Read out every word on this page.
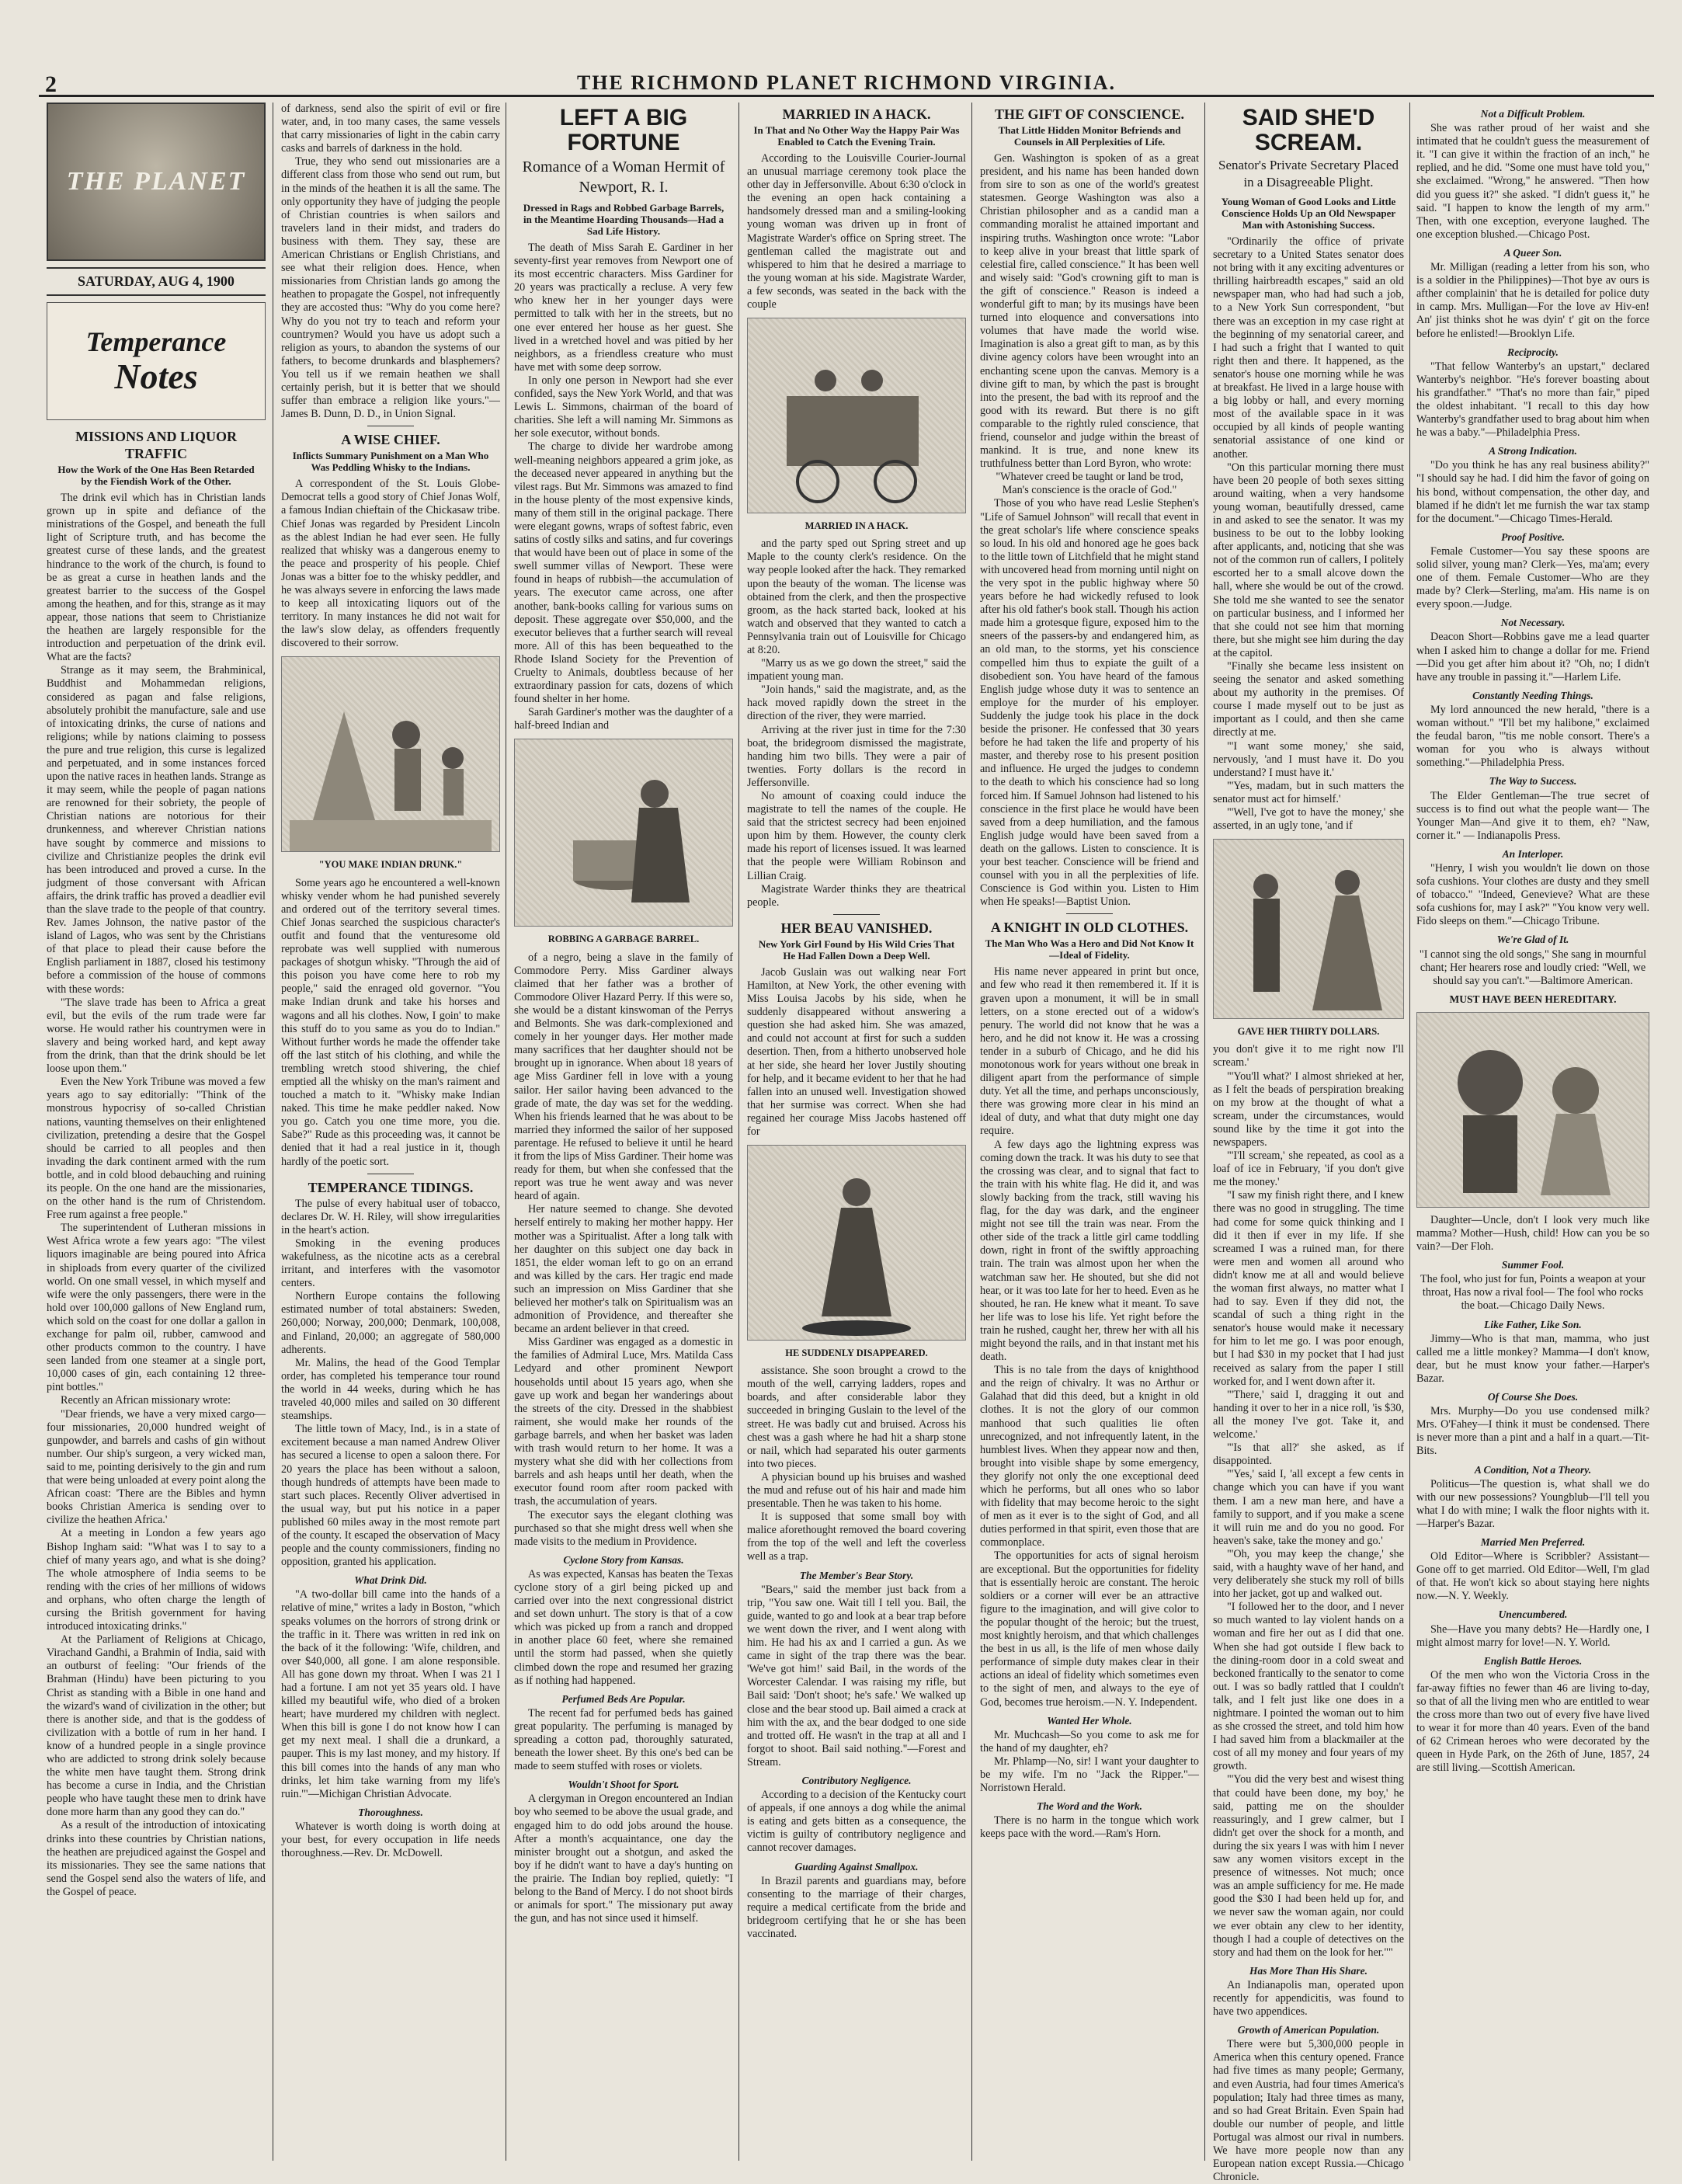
2	THE RICHMOND PLANET RICHMOND VIRGINIA.
THE PLANET
SATURDAY, AUG 4, 1900
Temperance
Notes
MISSIONS AND LIQUOR TRAFFIC
How the Work of the One Has Been Retarded by the Fiendish Work of the Other.

The drink evil which has in Christian lands grown up in spite and defiance of the ministrations of the Gospel, and beneath the full light of Scripture truth, and has become the greatest curse of these lands, and the greatest hindrance to the work of the church, is found to be as great a curse in heathen lands and the greatest barrier to the success of the Gospel among the heathen, and for this, strange as it may appear, those nations that seem to Christianize the heathen are largely responsible for the introduction and perpetuation of the drink evil. What are the facts?

Strange as it may seem, the Brahminical, Buddhist and Mohammedan religions, considered as pagan and false religions, absolutely prohibit the manufacture, sale and use of intoxicating drinks, the curse of nations and religions; while by nations claiming to possess the pure and true religion, this curse is legalized and perpetuated, and in some instances forced upon the native races in heathen lands. Strange as it may seem, while the people of pagan nations are renowned for their sobriety, the people of Christian nations are notorious for their drunkenness, and wherever Christian nations have sought by commerce and missions to civilize and Christianize peoples the drink evil has been introduced and proved a curse. In the judgment of those conversant with African affairs, the drink traffic has proved a deadlier evil than the slave trade to the people of that country. Rev. James Johnson, the native pastor of the island of Lagos, who was sent by the Christians of that place to plead their cause before the English parliament in 1887, closed his testimony before a commission of the house of commons with these words:

"The slave trade has been to Africa a great evil, but the evils of the rum trade were far worse. He would rather his countrymen were in slavery and being worked hard, and kept away from the drink, than that the drink should be let loose upon them."

Even the New York Tribune was moved a few years ago to say editorially: "Think of the monstrous hypocrisy of so-called Christian nations, vaunting themselves on their enlightened civilization, pretending a desire that the Gospel should be carried to all peoples and then invading the dark continent armed with the rum bottle, and in cold blood debauching and ruining its people. On the one hand are the missionaries, on the other hand is the rum of Christendom. Free rum against a free people."

The superintendent of Lutheran missions in West Africa wrote a few years ago: "The vilest liquors imaginable are being poured into Africa in shiploads from every quarter of the civilized world. On one small vessel, in which myself and wife were the only passengers, there were in the hold over 100,000 gallons of New England rum, which sold on the coast for one dollar a gallon in exchange for palm oil, rubber, camwood and other products common to the country. I have seen landed from one steamer at a single port, 10,000 cases of gin, each containing 12 three-pint bottles."

Recently an African missionary wrote:

"Dear friends, we have a very mixed cargo—four missionaries, 20,000 hundred weight of gunpowder, and barrels and cashs of gin without number. Our ship's surgeon, a very wicked man, said to me, pointing derisively to the gin and rum that were being unloaded at every point along the African coast: 'There are the Bibles and hymn books Christian America is sending over to civilize the heathen Africa.'

At a meeting in London a few years ago Bishop Ingham said: "What was I to say to a chief of many years ago, and what is she doing? The whole atmosphere of India seems to be rending with the cries of her millions of widows and orphans, who often charge the length of cursing the British government for having introduced intoxicating drinks."

At the Parliament of Religions at Chicago, Virachand Gandhi, a Brahmin of India, said with an outburst of feeling: "Our friends of the Brahman (Hindu) have been picturing to you Christ as standing with a Bible in one hand and the wizard's wand of civilization in the other; but there is another side, and that is the goddess of civilization with a bottle of rum in her hand. I know of a hundred people in a single province who are addicted to strong drink solely because the white men have taught them. Strong drink has become a curse in India, and the Christian people who have taught these men to drink have done more harm than any good they can do."

As a result of the introduction of intoxicating drinks into these countries by Christian nations, the heathen are prejudiced against the Gospel and its missionaries. They see the same nations that send the Gospel send also the waters of life, and the Gospel of peace.

of darkness, send also the spirit of evil or fire water, and, in too many cases, the same vessels that carry missionaries of light in the cabin carry casks and barrels of darkness in the hold.

True, they who send out missionaries are a different class from those who send out rum, but in the minds of the heathen it is all the same. The only opportunity they have of judging the people of Christian countries is when sailors and travelers land in their midst, and traders do business with them. They say, these are American Christians or English Christians, and see what their religion does. Hence, when missionaries from Christian lands go among the heathen to propagate the Gospel, not infrequently they are accosted thus: "Why do you come here? Why do you not try to teach and reform your countrymen? Would you have us adopt such a religion as yours, to abandon the systems of our fathers, to become drunkards and blasphemers? You tell us if we remain heathen we shall certainly perish, but it is better that we should suffer than embrace a religion like yours."—James B. Dunn, D. D., in Union Signal.

A WISE CHIEF.
Inflicts Summary Punishment on a Man Who Was Peddling Whisky to the Indians.

A correspondent of the St. Louis Globe-Democrat tells a good story of Chief Jonas Wolf, a famous Indian chieftain of the Chickasaw tribe. Chief Jonas was regarded by President Lincoln as the ablest Indian he had ever seen. He fully realized that whisky was a dangerous enemy to the peace and prosperity of his people. Chief Jonas was a bitter foe to the whisky peddler, and he was always severe in enforcing the laws made to keep all intoxicating liquors out of the territory. In many instances he did not wait for the law's slow delay, as offenders frequently discovered to their sorrow.

"YOU MAKE INDIAN DRUNK."

Some years ago he encountered a well-known whisky vender whom he had punished severely and ordered out of the territory several times. Chief Jonas searched the suspicious character's outfit and found that the venturesome old reprobate was well supplied with numerous packages of shotgun whisky. "Through the aid of this poison you have come here to rob my people," said the enraged old governor. "You make Indian drunk and take his horses and wagons and all his clothes. Now, I goin' to make this stuff do to you same as you do to Indian." Without further words he made the offender take off the last stitch of his clothing, and while the trembling wretch stood shivering, the chief emptied all the whisky on the man's raiment and touched a match to it. "Whisky make Indian naked. This time he make peddler naked. Now you go. Catch you one time more, you die. Sabe?" Rude as this proceeding was, it cannot be denied that it had a real justice in it, though hardly of the poetic sort.

TEMPERANCE TIDINGS.

The pulse of every habitual user of tobacco, declares Dr. W. H. Riley, will show irregularities in the heart's action.

Smoking in the evening produces wakefulness, as the nicotine acts as a cerebral irritant, and interferes with the vasomotor centers.

Northern Europe contains the following estimated number of total abstainers: Sweden, 260,000; Norway, 200,000; Denmark, 100,008, and Finland, 20,000; an aggregate of 580,000 adherents.

Mr. Malins, the head of the Good Templar order, has completed his temperance tour round the world in 44 weeks, during which he has traveled 40,000 miles and sailed on 30 different steamships.

The little town of Macy, Ind., is in a state of excitement because a man named Andrew Oliver has secured a license to open a saloon there. For 20 years the place has been without a saloon, though hundreds of attempts have been made to start such places. Recently Oliver advertised in the usual way, but put his notice in a paper published 60 miles away in the most remote part of the county. It escaped the observation of Macy people and the county commissioners, finding no opposition, granted his application.

What Drink Did.

"A two-dollar bill came into the hands of a relative of mine," writes a lady in Boston, "which speaks volumes on the horrors of strong drink or the traffic in it. There was written in red ink on the back of it the following: 'Wife, children, and over $40,000, all gone. I am alone responsible. All has gone down my throat. When I was 21 I had a fortune. I am not yet 35 years old. I have killed my beautiful wife, who died of a broken heart; have murdered my children with neglect. When this bill is gone I do not know how I can get my next meal. I shall die a drunkard, a pauper. This is my last money, and my history. If this bill comes into the hands of any man who drinks, let him take warning from my life's ruin.'"—Michigan Christian Advocate.

Thoroughness.

Whatever is worth doing is worth doing at your best, for every occupation in life needs thoroughness.—Rev. Dr. McDowell.

LEFT A BIG FORTUNE
Romance of a Woman Hermit of Newport, R. I.
Dressed in Rags and Robbed Garbage Barrels, in the Meantime Hoarding Thousands—Had a Sad Life History.

The death of Miss Sarah E. Gardiner in her seventy-first year removes from Newport one of its most eccentric characters. Miss Gardiner for 20 years was practically a recluse. A very few who knew her in her younger days were permitted to talk with her in the streets, but no one ever entered her house as her guest. She lived in a wretched hovel and was pitied by her neighbors, as a friendless creature who must have met with some deep sorrow.

In only one person in Newport had she ever confided, says the New York World, and that was Lewis L. Simmons, chairman of the board of charities. She left a will naming Mr. Simmons as her sole executor, without bonds.

The charge to divide her wardrobe among well-meaning neighbors appeared a grim joke, as the deceased never appeared in anything but the vilest rags. But Mr. Simmons was amazed to find in the house plenty of the most expensive kinds, many of them still in the original package. There were elegant gowns, wraps of softest fabric, even satins of costly silks and satins, and fur coverings that would have been out of place in some of the swell summer villas of Newport. These were found in heaps of rubbish—the accumulation of years. The executor came across, one after another, bank-books calling for various sums on deposit. These aggregate over $50,000, and the executor believes that a further search will reveal more. All of this has been bequeathed to the Rhode Island Society for the Prevention of Cruelty to Animals, doubtless because of her extraordinary passion for cats, dozens of which found shelter in her home.

Sarah Gardiner's mother was the daughter of a half-breed Indian and

ROBBING A GARBAGE BARREL.

of a negro, being a slave in the family of Commodore Perry. Miss Gardiner always claimed that her father was a brother of Commodore Oliver Hazard Perry. If this were so, she would be a distant kinswoman of the Perrys and Belmonts. She was dark-complexioned and comely in her younger days. Her mother made many sacrifices that her daughter should not be brought up in ignorance. When about 18 years of age Miss Gardiner fell in love with a young sailor. Her sailor having been advanced to the grade of mate, the day was set for the wedding. When his friends learned that he was about to be married they informed the sailor of her supposed parentage. He refused to believe it until he heard it from the lips of Miss Gardiner. Their home was ready for them, but when she confessed that the report was true he went away and was never heard of again.

Her nature seemed to change. She devoted herself entirely to making her mother happy. Her mother was a Spiritualist. After a long talk with her daughter on this subject one day back in 1851, the elder woman left to go on an errand and was killed by the cars. Her tragic end made such an impression on Miss Gardiner that she believed her mother's talk on Spiritualism was an admonition of Providence, and thereafter she became an ardent believer in that creed.

Miss Gardiner was engaged as a domestic in the families of Admiral Luce, Mrs. Matilda Cass Ledyard and other prominent Newport households until about 15 years ago, when she gave up work and began her wanderings about the streets of the city. Dressed in the shabbiest raiment, she would make her rounds of the garbage barrels, and when her basket was laden with trash would return to her home. It was a mystery what she did with her collections from barrels and ash heaps until her death, when the executor found room after room packed with trash, the accumulation of years.

The executor says the elegant clothing was purchased so that she might dress well when she made visits to the medium in Providence.

Cyclone Story from Kansas.

As was expected, Kansas has beaten the Texas cyclone story of a girl being picked up and carried over into the next congressional district and set down unhurt. The story is that of a cow which was picked up from a ranch and dropped in another place 60 feet, where she remained until the storm had passed, when she quietly climbed down the rope and resumed her grazing as if nothing had happened.

Perfumed Beds Are Popular.

The recent fad for perfumed beds has gained great popularity. The perfuming is managed by spreading a cotton pad, thoroughly saturated, beneath the lower sheet. By this one's bed can be made to seem stuffed with roses or violets.

Wouldn't Shoot for Sport.

A clergyman in Oregon encountered an Indian boy who seemed to be above the usual grade, and engaged him to do odd jobs around the house. After a month's acquaintance, one day the minister brought out a shotgun, and asked the boy if he didn't want to have a day's hunting on the prairie. The Indian boy replied, quietly: "I belong to the Band of Mercy. I do not shoot birds or animals for sport." The missionary put away the gun, and has not since used it himself.

MARRIED IN A HACK.
In That and No Other Way the Happy Pair Was Enabled to Catch the Evening Train.

According to the Louisville Courier-Journal an unusual marriage ceremony took place the other day in Jeffersonville. About 6:30 o'clock in the evening an open hack containing a handsomely dressed man and a smiling-looking young woman was driven up in front of Magistrate Warder's office on Spring street. The gentleman called the magistrate out and whispered to him that he desired a marriage to the young woman at his side. Magistrate Warder, a few seconds, was seated in the back with the couple

MARRIED IN A HACK.

and the party sped out Spring street and up Maple to the county clerk's residence. On the way people looked after the hack. They remarked upon the beauty of the woman. The license was obtained from the clerk, and then the prospective groom, as the hack started back, looked at his watch and observed that they wanted to catch a Pennsylvania train out of Louisville for Chicago at 8:20.

"Marry us as we go down the street," said the impatient young man.

"Join hands," said the magistrate, and, as the hack moved rapidly down the street in the direction of the river, they were married.

Arriving at the river just in time for the 7:30 boat, the bridegroom dismissed the magistrate, handing him two bills. They were a pair of twenties. Forty dollars is the record in Jeffersonville.

No amount of coaxing could induce the magistrate to tell the names of the couple. He said that the strictest secrecy had been enjoined upon him by them. However, the county clerk made his report of licenses issued. It was learned that the people were William Robinson and Lillian Craig.

Magistrate Warder thinks they are theatrical people.

HER BEAU VANISHED.
New York Girl Found by His Wild Cries That He Had Fallen Down a Deep Well.

Jacob Guslain was out walking near Fort Hamilton, at New York, the other evening with Miss Louisa Jacobs by his side, when he suddenly disappeared without answering a question she had asked him. She was amazed, and could not account at first for such a sudden desertion. Then, from a hitherto unobserved hole at her side, she heard her lover Justily shouting for help, and it became evident to her that he had fallen into an unused well. Investigation showed that her surmise was correct. When she had regained her courage Miss Jacobs hastened off for

HE SUDDENLY DISAPPEARED.

assistance. She soon brought a crowd to the mouth of the well, carrying ladders, ropes and boards, and after considerable labor they succeeded in bringing Guslain to the level of the street. He was badly cut and bruised. Across his chest was a gash where he had hit a sharp stone or nail, which had separated his outer garments into two pieces.

A physician bound up his bruises and washed the mud and refuse out of his hair and made him presentable. Then he was taken to his home.

It is supposed that some small boy with malice aforethought removed the board covering from the top of the well and left the coverless well as a trap.

The Member's Bear Story.

"Bears," said the member just back from a trip, "You saw one. Wait till I tell you. Bail, the guide, wanted to go and look at a bear trap before we went down the river, and I went along with him. He had his ax and I carried a gun. As we came in sight of the trap there was the bear. 'We've got him!' said Bail, in the words of the Worcester Calendar. I was raising my rifle, but Bail said: 'Don't shoot; he's safe.' We walked up close and the bear stood up. Bail aimed a crack at him with the ax, and the bear dodged to one side and trotted off. He wasn't in the trap at all and I forgot to shoot. Bail said nothing."—Forest and Stream.

Contributory Negligence.

According to a decision of the Kentucky court of appeals, if one annoys a dog while the animal is eating and gets bitten as a consequence, the victim is guilty of contributory negligence and cannot recover damages.

Guarding Against Smallpox.

In Brazil parents and guardians may, before consenting to the marriage of their charges, require a medical certificate from the bride and bridegroom certifying that he or she has been vaccinated.

THE GIFT OF CONSCIENCE.
That Little Hidden Monitor Befriends and Counsels in All Perplexities of Life.

Gen. Washington is spoken of as a great president, and his name has been handed down from sire to son as one of the world's greatest statesmen. George Washington was also a Christian philosopher and as a candid man a commanding moralist he attained important and inspiring truths. Washington once wrote: "Labor to keep alive in your breast that little spark of celestial fire, called conscience." It has been well and wisely said: "God's crowning gift to man is the gift of conscience." Reason is indeed a wonderful gift to man; by its musings have been turned into eloquence and conversations into volumes that have made the world wise. Imagination is also a great gift to man, as by this divine agency colors have been wrought into an enchanting scene upon the canvas. Memory is a divine gift to man, by which the past is brought into the present, the bad with its reproof and the good with its reward. But there is no gift comparable to the rightly ruled conscience, that friend, counselor and judge within the breast of mankind. It is true, and none knew its truthfulness better than Lord Byron, who wrote:

"Whatever creed be taught or land be trod,

Man's conscience is the oracle of God."

Those of you who have read Leslie Stephen's "Life of Samuel Johnson" will recall that event in the great scholar's life where conscience speaks so loud. In his old and honored age he goes back to the little town of Litchfield that he might stand with uncovered head from morning until night on the very spot in the public highway where 50 years before he had wickedly refused to look after his old father's book stall. Though his action made him a grotesque figure, exposed him to the sneers of the passers-by and endangered him, as an old man, to the storms, yet his conscience compelled him thus to expiate the guilt of a disobedient son. You have heard of the famous English judge whose duty it was to sentence an employe for the murder of his employer. Suddenly the judge took his place in the dock beside the prisoner. He confessed that 30 years before he had taken the life and property of his master, and thereby rose to his present position and influence. He urged the judges to condemn to the death to which his conscience had so long forced him. If Samuel Johnson had listened to his conscience in the first place he would have been saved from a deep humiliation, and the famous English judge would have been saved from a death on the gallows. Listen to conscience. It is your best teacher. Conscience will be friend and counsel with you in all the perplexities of life. Conscience is God within you. Listen to Him when He speaks!—Baptist Union.

A KNIGHT IN OLD CLOTHES.
The Man Who Was a Hero and Did Not Know It—Ideal of Fidelity.

His name never appeared in print but once, and few who read it then remembered it. If it is graven upon a monument, it will be in small letters, on a stone erected out of a widow's penury. The world did not know that he was a hero, and he did not know it. He was a crossing tender in a suburb of Chicago, and he did his monotonous work for years without one break in diligent apart from the performance of simple duty. Yet all the time, and perhaps unconsciously, there was growing more clear in his mind an ideal of duty, and what that duty might one day require.

A few days ago the lightning express was coming down the track. It was his duty to see that the crossing was clear, and to signal that fact to the train with his white flag. He did it, and was slowly backing from the track, still waving his flag, for the day was dark, and the engineer might not see till the train was near. From the other side of the track a little girl came toddling down, right in front of the swiftly approaching train. The train was almost upon her when the watchman saw her. He shouted, but she did not hear, or it was too late for her to heed. Even as he shouted, he ran. He knew what it meant. To save her life was to lose his life. Yet right before the train he rushed, caught her, threw her with all his might beyond the rails, and in that instant met his death.

This is no tale from the days of knighthood and the reign of chivalry. It was no Arthur or Galahad that did this deed, but a knight in old clothes. It is not the glory of our common manhood that such qualities lie often unrecognized, and not infrequently latent, in the humblest lives. When they appear now and then, brought into visible shape by some emergency, they glorify not only the one exceptional deed which he performs, but all ones who so labor with fidelity that may become heroic to the sight of men as it ever is to the sight of God, and all duties performed in that spirit, even those that are commonplace.

The opportunities for acts of signal heroism are exceptional. But the opportunities for fidelity that is essentially heroic are constant. The heroic soldiers or a corner will ever be an attractive figure to the imagination, and will give color to the popular thought of the heroic; but the truest, most knightly heroism, and that which challenges the best in us all, is the life of men whose daily performance of simple duty makes clear in their actions an ideal of fidelity which sometimes even to the sight of men, and always to the eye of God, becomes true heroism.—N. Y. Independent.

Wanted Her Whole.

Mr. Muchcash—So you come to ask me for the hand of my daughter, eh?

Mr. Phlamp—No, sir! I want your daughter to be my wife. I'm no "Jack the Ripper."—Norristown Herald.

The Word and the Work.

There is no harm in the tongue which work keeps pace with the word.—Ram's Horn.

SAID SHE'D SCREAM.
Senator's Private Secretary Placed in a Disagreeable Plight.
Young Woman of Good Looks and Little Conscience Holds Up an Old Newspaper Man with Astonishing Success.

"Ordinarily the office of private secretary to a United States senator does not bring with it any exciting adventures or thrilling hairbreadth escapes," said an old newspaper man, who had had such a job, to a New York Sun correspondent, "but there was an exception in my case right at the beginning of my senatorial career, and I had such a fright that I wanted to quit right then and there. It happened, as the senator's house one morning while he was at breakfast. He lived in a large house with a big lobby or hall, and every morning most of the available space in it was occupied by all kinds of people wanting senatorial assistance of one kind or another.

"On this particular morning there must have been 20 people of both sexes sitting around waiting, when a very handsome young woman, beautifully dressed, came in and asked to see the senator. It was my business to be out to the lobby looking after applicants, and, noticing that she was not of the common run of callers, I politely escorted her to a small alcove down the hall, where she would be out of the crowd. She told me she wanted to see the senator on particular business, and I informed her that she could not see him that morning there, but she might see him during the day at the capitol.

"Finally she became less insistent on seeing the senator and asked something about my authority in the premises. Of course I made myself out to be just as important as I could, and then she came directly at me.

"'I want some money,' she said, nervously, 'and I must have it. Do you understand? I must have it.'

"'Yes, madam, but in such matters the senator must act for himself.'

"'Well, I've got to have the money,' she asserted, in an ugly tone, 'and if

GAVE HER THIRTY DOLLARS.

you don't give it to me right now I'll scream.'

"'You'll what?' I almost shrieked at her, as I felt the beads of perspiration breaking on my brow at the thought of what a scream, under the circumstances, would sound like by the time it got into the newspapers.

"'I'll scream,' she repeated, as cool as a loaf of ice in February, 'if you don't give me the money.'

"I saw my finish right there, and I knew there was no good in struggling. The time had come for some quick thinking and I did it then if ever in my life. If she screamed I was a ruined man, for there were men and women all around who didn't know me at all and would believe the woman first always, no matter what I had to say. Even if they did not, the scandal of such a thing right in the senator's house would make it necessary for him to let me go. I was poor enough, but I had $30 in my pocket that I had just received as salary from the paper I still worked for, and I went down after it.

"'There,' said I, dragging it out and handing it over to her in a nice roll, 'is $30, all the money I've got. Take it, and welcome.'

"'Is that all?' she asked, as if disappointed.

"'Yes,' said I, 'all except a few cents in change which you can have if you want them. I am a new man here, and have a family to support, and if you make a scene it will ruin me and do you no good. For heaven's sake, take the money and go.'

"'Oh, you may keep the change,' she said, with a haughty wave of her hand, and very deliberately she stuck my roll of bills into her jacket, got up and walked out.

"I followed her to the door, and I never so much wanted to lay violent hands on a woman and fire her out as I did that one. When she had got outside I flew back to the dining-room door in a cold sweat and beckoned frantically to the senator to come out. I was so badly rattled that I couldn't talk, and I felt just like one does in a nightmare. I pointed the woman out to him as she crossed the street, and told him how I had saved him from a blackmailer at the cost of all my money and four years of my growth.

"'You did the very best and wisest thing that could have been done, my boy,' he said, patting me on the shoulder reassuringly, and I grew calmer, but I didn't get over the shock for a month, and during the six years I was with him I never saw any women visitors except in the presence of witnesses. Not much; once was an ample sufficiency for me. He made good the $30 I had been held up for, and we never saw the woman again, nor could we ever obtain any clew to her identity, though I had a couple of detectives on the story and had them on the look for her.""

Has More Than His Share.

An Indianapolis man, operated upon recently for appendicitis, was found to have two appendices.

Growth of American Population.

There were but 5,300,000 people in America when this century opened. France had five times as many people; Germany, and even Austria, had four times America's population; Italy had three times as many, and so had Great Britain. Even Spain had double our number of people, and little Portugal was almost our rival in numbers. We have more people now than any European nation except Russia.—Chicago Chronicle.

Not a Difficult Problem.

She was rather proud of her waist and she intimated that he couldn't guess the measurement of it. "I can give it within the fraction of an inch," he replied, and he did. "Some one must have told you," she exclaimed. "Wrong," he answered. "Then how did you guess it?" she asked. "I didn't guess it," he said. "I happen to know the length of my arm." Then, with one exception, everyone laughed. The one exception blushed.—Chicago Post.

A Queer Son.

Mr. Milligan (reading a letter from his son, who is a soldier in the Philippines)—Thot bye av ours is afther complainin' that he is detailed for police duty in camp. Mrs. Mulligan—For the love av Hiv-en! An' jist thinks shot he was dyin' t' git on the force before he enlisted!—Brooklyn Life.

Reciprocity.

"That fellow Wanterby's an upstart," declared Wanterby's neighbor. "He's forever boasting about his grandfather." "That's no more than fair," piped the oldest inhabitant. "I recall to this day how Wanterby's grandfather used to brag about him when he was a baby."—Philadelphia Press.

A Strong Indication.

"Do you think he has any real business ability?" "I should say he had. I did him the favor of going on his bond, without compensation, the other day, and blamed if he didn't let me furnish the war tax stamp for the document."—Chicago Times-Herald.

Proof Positive.

Female Customer—You say these spoons are solid silver, young man? Clerk—Yes, ma'am; every one of them. Female Customer—Who are they made by? Clerk—Sterling, ma'am. His name is on every spoon.—Judge.

Not Necessary.

Deacon Short—Robbins gave me a lead quarter when I asked him to change a dollar for me. Friend—Did you get after him about it? "Oh, no; I didn't have any trouble in passing it."—Harlem Life.

Constantly Needing Things.

My lord announced the new herald, "there is a woman without." "I'll bet my halibone," exclaimed the feudal baron, "'tis me noble consort. There's a woman for you who is always without something."—Philadelphia Press.

The Way to Success.

The Elder Gentleman—The true secret of success is to find out what the people want— The Younger Man—And give it to them, eh? "Naw, corner it." — Indianapolis Press.

An Interloper.

"Henry, I wish you wouldn't lie down on those sofa cushions. Your clothes are dusty and they smell of tobacco." "Indeed, Genevieve? What are these sofa cushions for, may I ask?" "You know very well. Fido sleeps on them."—Chicago Tribune.

We're Glad of It.

"I cannot sing the old songs," She sang in mournful chant; Her hearers rose and loudly cried: "Well, we should say you can't."—Baltimore American.

MUST HAVE BEEN HEREDITARY.

Daughter—Uncle, don't I look very much like mamma? Mother—Hush, child! How can you be so vain?—Der Floh.

Summer Fool.

The fool, who just for fun, Points a weapon at your throat, Has now a rival fool— The fool who rocks the boat.—Chicago Daily News.

Like Father, Like Son.

Jimmy—Who is that man, mamma, who just called me a little monkey? Mamma—I don't know, dear, but he must know your father.—Harper's Bazar.

Of Course She Does.

Mrs. Murphy—Do you use condensed milk? Mrs. O'Fahey—I think it must be condensed. There is never more than a pint and a half in a quart.—Tit-Bits.

A Condition, Not a Theory.

Politicus—The question is, what shall we do with our new possessions? Youngblub—I'll tell you what I do with mine; I walk the floor nights with it.—Harper's Bazar.

Married Men Preferred.

Old Editor—Where is Scribbler? Assistant—Gone off to get married. Old Editor—Well, I'm glad of that. He won't kick so about staying here nights now.—N. Y. Weekly.

Unencumbered.

She—Have you many debts? He—Hardly one, I might almost marry for love!—N. Y. World.

English Battle Heroes.

Of the men who won the Victoria Cross in the far-away fifties no fewer than 46 are living to-day, so that of all the living men who are entitled to wear the cross more than two out of every five have lived to wear it for more than 40 years. Even of the band of 62 Crimean heroes who were decorated by the queen in Hyde Park, on the 26th of June, 1857, 24 are still living.—Scottish American.
